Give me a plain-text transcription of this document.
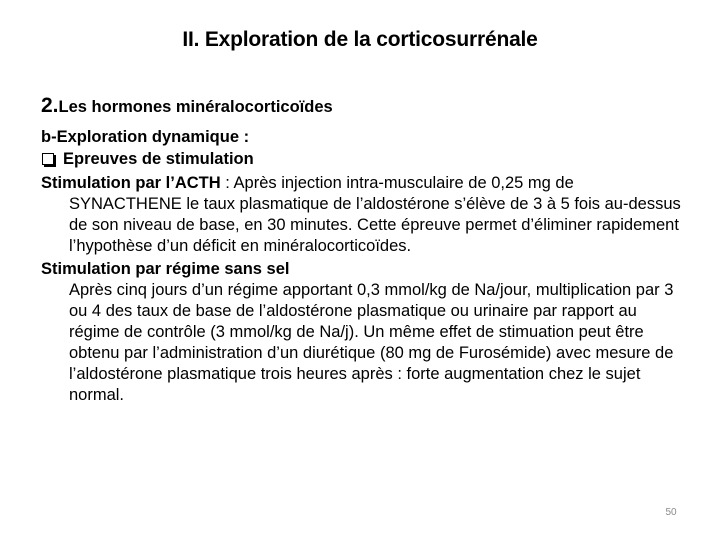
II. Exploration de la corticosurrénale
2.Les hormones minéralocorticoïdes
b-Exploration dynamique :
Epreuves de stimulation

Stimulation par l’ACTH : Après injection intra-musculaire de 0,25 mg de SYNACTHENE le taux plasmatique de l’aldostérone s’élève de 3 à 5 fois au-dessus de son niveau de base, en 30 minutes. Cette épreuve permet d’éliminer rapidement l’hypothèse d’un déficit en minéralocorticoïdes.

Stimulation par régime sans sel
Après cinq jours d’un régime apportant 0,3 mmol/kg de Na/jour, multiplication par 3 ou 4 des taux de base de l’aldostérone plasmatique ou urinaire par rapport au régime de contrôle (3 mmol/kg de Na/j). Un même effet de stimuation peut être obtenu par l’administration d’un diurétique (80 mg de Furosémide) avec mesure de l’aldostérone plasmatique trois heures après : forte augmentation chez le sujet normal.
50
